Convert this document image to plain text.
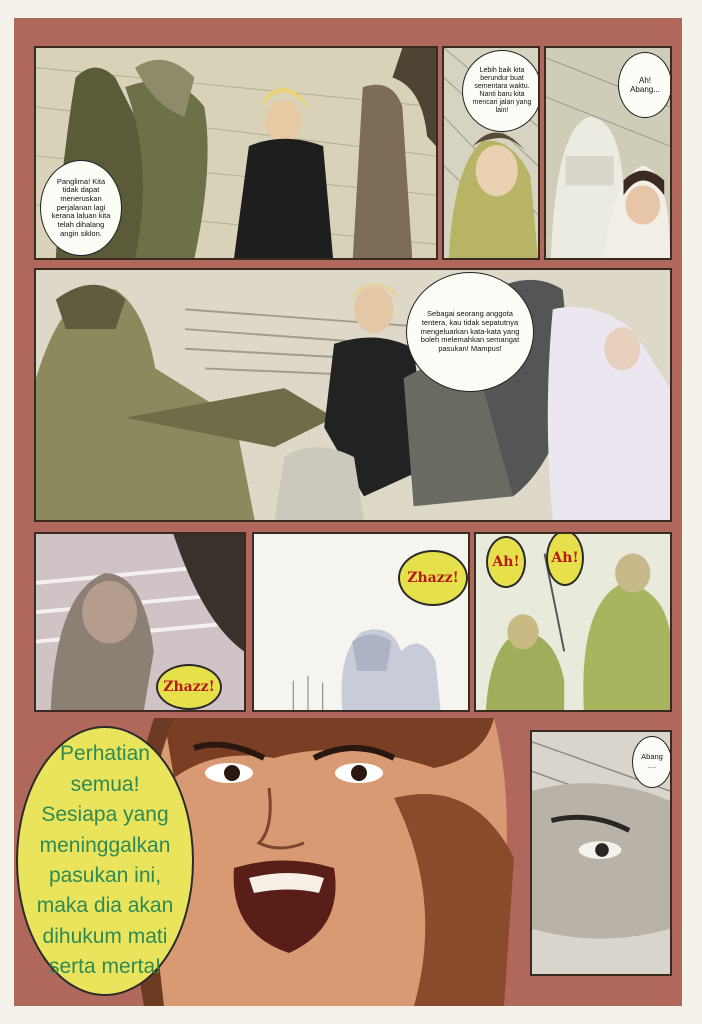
Panglima! Kita tidak dapat meneruskan perjalanan lagi kerana laluan kita telah dihalang angin siklon.
Lebih baik kita berundur buat sementara waktu. Nanti baru kita mencari jalan yang lain!
Ah! Abang...
Sebagai seorang anggota tentera, kau tidak sepatutnya mengeluarkan kata-kata yang boleh melemahkan semangat pasukan! Mampus!
Zhazz!
Zhazz!
Ah! Ah!
Perhatian semua! Sesiapa yang meninggalkan pasukan ini, maka dia akan dihukum mati serta merta!
Abang ....
